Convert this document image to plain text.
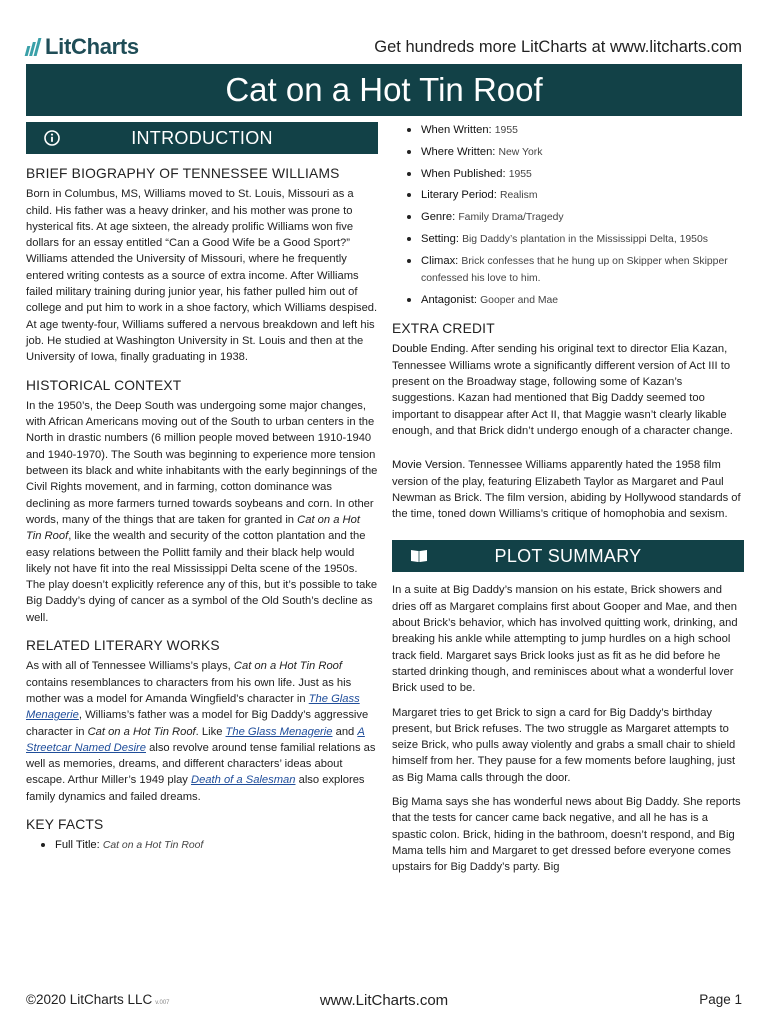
LitCharts	Get hundreds more LitCharts at www.litcharts.com
Cat on a Hot Tin Roof
INTRODUCTION
BRIEF BIOGRAPHY OF TENNESSEE WILLIAMS

Born in Columbus, MS, Williams moved to St. Louis, Missouri as a child. His father was a heavy drinker, and his mother was prone to hysterical fits. At age sixteen, the already prolific Williams won five dollars for an essay entitled “Can a Good Wife be a Good Sport?” Williams attended the University of Missouri, where he frequently entered writing contests as a source of extra income. After Williams failed military training during junior year, his father pulled him out of college and put him to work in a shoe factory, which Williams despised. At age twenty-four, Williams suffered a nervous breakdown and left his job. He studied at Washington University in St. Louis and then at the University of Iowa, finally graduating in 1938.

HISTORICAL CONTEXT

In the 1950’s, the Deep South was undergoing some major changes, with African Americans moving out of the South to urban centers in the North in drastic numbers (6 million people moved between 1910-1940 and 1940-1970). The South was beginning to experience more tension between its black and white inhabitants with the early beginnings of the Civil Rights movement, and in farming, cotton dominance was declining as more farmers turned towards soybeans and corn. In other words, many of the things that are taken for granted in Cat on a Hot Tin Roof, like the wealth and security of the cotton plantation and the easy relations between the Pollitt family and their black help would likely not have fit into the real Mississippi Delta scene of the 1950s. The play doesn’t explicitly reference any of this, but it’s possible to take Big Daddy’s dying of cancer as a symbol of the Old South’s decline as well.

RELATED LITERARY WORKS

As with all of Tennessee Williams’s plays, Cat on a Hot Tin Roof contains resemblances to characters from his own life. Just as his mother was a model for Amanda Wingfield’s character in The Glass Menagerie, Williams’s father was a model for Big Daddy’s aggressive character in Cat on a Hot Tin Roof. Like The Glass Menagerie and A Streetcar Named Desire also revolve around tense familial relations as well as memories, dreams, and different characters’ ideas about escape. Arthur Miller’s 1949 play Death of a Salesman also explores family dynamics and failed dreams.

KEY FACTS
Full Title: Cat on a Hot Tin Roof
When Written: 1955
Where Written: New York
When Published: 1955
Literary Period: Realism
Genre: Family Drama/Tragedy
Setting: Big Daddy’s plantation in the Mississippi Delta, 1950s
Climax: Brick confesses that he hung up on Skipper when Skipper confessed his love to him.
Antagonist: Gooper and Mae
EXTRA CREDIT

Double Ending. After sending his original text to director Elia Kazan, Tennessee Williams wrote a significantly different version of Act III to present on the Broadway stage, following some of Kazan’s suggestions. Kazan had mentioned that Big Daddy seemed too important to disappear after Act II, that Maggie wasn’t clearly likable enough, and that Brick didn’t undergo enough of a character change.

Movie Version. Tennessee Williams apparently hated the 1958 film version of the play, featuring Elizabeth Taylor as Margaret and Paul Newman as Brick. The film version, abiding by Hollywood standards of the time, toned down Williams’s critique of homophobia and sexism.

PLOT SUMMARY

In a suite at Big Daddy’s mansion on his estate, Brick showers and dries off as Margaret complains first about Gooper and Mae, and then about Brick’s behavior, which has involved quitting work, drinking, and breaking his ankle while attempting to jump hurdles on a high school track field. Margaret says Brick looks just as fit as he did before he started drinking though, and reminisces about what a wonderful lover Brick used to be.

Margaret tries to get Brick to sign a card for Big Daddy’s birthday present, but Brick refuses. The two struggle as Margaret attempts to seize Brick, who pulls away violently and grabs a small chair to shield himself from her. They pause for a few moments before laughing, just as Big Mama calls through the door.

Big Mama says she has wonderful news about Big Daddy. She reports that the tests for cancer came back negative, and all he has is a spastic colon. Brick, hiding in the bathroom, doesn’t respond, and Big Mama tells him and Margaret to get dressed before everyone comes upstairs for Big Daddy’s party. Big

©2020 LitCharts LLC v.007	www.LitCharts.com	Page 1
